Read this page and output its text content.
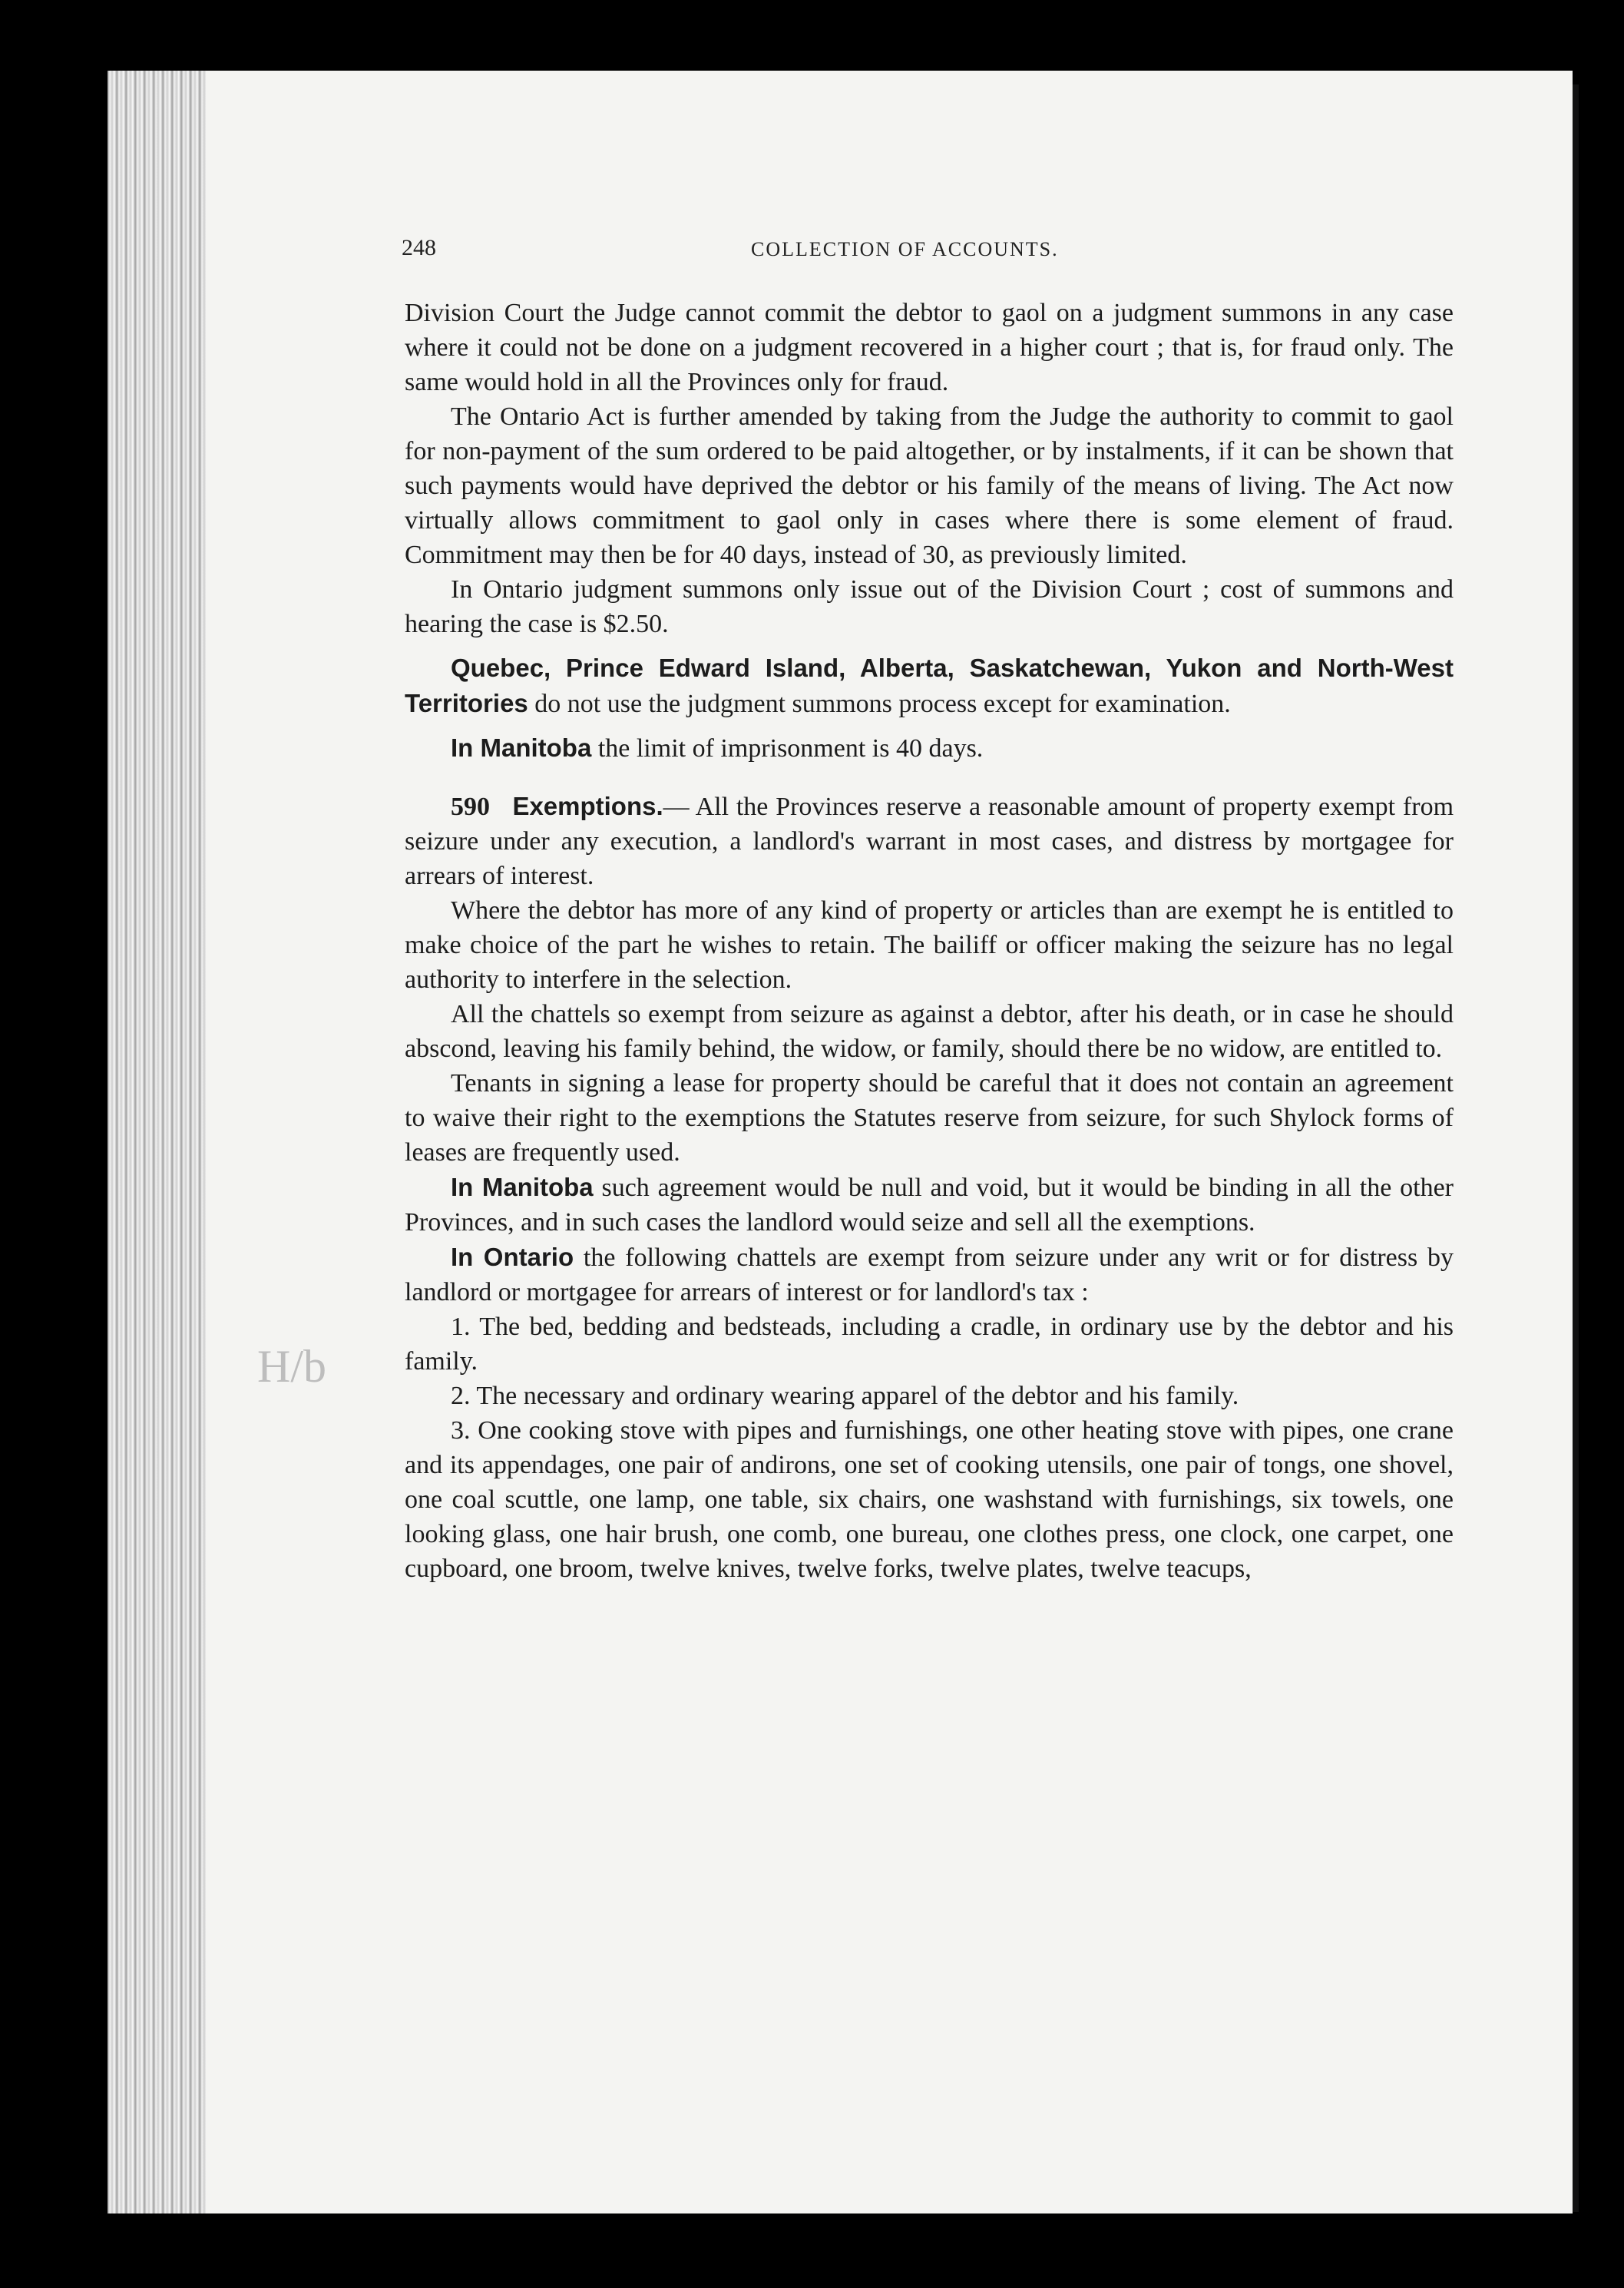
248	COLLECTION OF ACCOUNTS.
H/b

Division Court the Judge cannot commit the debtor to gaol on a judgment summons in any case where it could not be done on a judgment recovered in a higher court ; that is, for fraud only. The same would hold in all the Provinces only for fraud.

The Ontario Act is further amended by taking from the Judge the authority to commit to gaol for non-payment of the sum ordered to be paid altogether, or by instalments, if it can be shown that such payments would have deprived the debtor or his family of the means of living. The Act now virtually allows commitment to gaol only in cases where there is some element of fraud. Commitment may then be for 40 days, instead of 30, as previously limited.

In Ontario judgment summons only issue out of the Division Court ; cost of summons and hearing the case is $2.50.

Quebec, Prince Edward Island, Alberta, Saskatchewan, Yukon and North-West Territories do not use the judgment summons process except for examination.

In Manitoba the limit of imprisonment is 40 days.

590 Exemptions.— All the Provinces reserve a reasonable amount of property exempt from seizure under any execution, a landlord's warrant in most cases, and distress by mortgagee for arrears of interest.

Where the debtor has more of any kind of property or articles than are exempt he is entitled to make choice of the part he wishes to retain. The bailiff or officer making the seizure has no legal authority to interfere in the selection.

All the chattels so exempt from seizure as against a debtor, after his death, or in case he should abscond, leaving his family behind, the widow, or family, should there be no widow, are entitled to.

Tenants in signing a lease for property should be careful that it does not contain an agreement to waive their right to the exemptions the Statutes reserve from seizure, for such Shylock forms of leases are frequently used.

In Manitoba such agreement would be null and void, but it would be binding in all the other Provinces, and in such cases the landlord would seize and sell all the exemptions.

In Ontario the following chattels are exempt from seizure under any writ or for distress by landlord or mortgagee for arrears of interest or for landlord's tax :

1. The bed, bedding and bedsteads, including a cradle, in ordinary use by the debtor and his family.

2. The necessary and ordinary wearing apparel of the debtor and his family.

3. One cooking stove with pipes and furnishings, one other heating stove with pipes, one crane and its appendages, one pair of andirons, one set of cooking utensils, one pair of tongs, one shovel, one coal scuttle, one lamp, one table, six chairs, one washstand with furnishings, six towels, one looking glass, one hair brush, one comb, one bureau, one clothes press, one clock, one carpet, one cupboard, one broom, twelve knives, twelve forks, twelve plates, twelve teacups,
